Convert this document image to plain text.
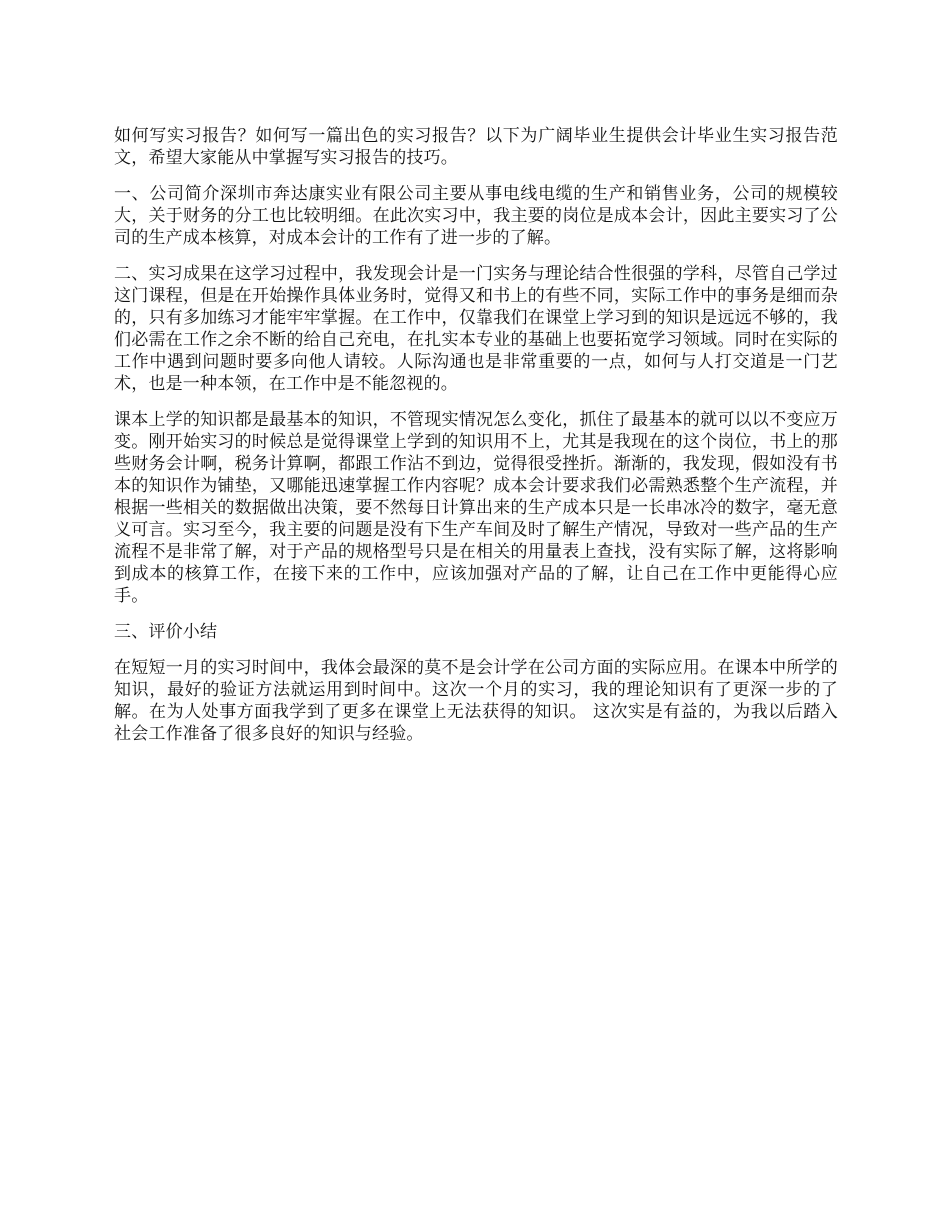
如何写实习报告？如何写一篇出色的实习报告？以下为广阔毕业生提供会计毕业生实习报告范文，希望大家能从中掌握写实习报告的技巧。

一、公司简介深圳市奔达康实业有限公司主要从事电线电缆的生产和销售业务，公司的规模较大，关于财务的分工也比较明细。在此次实习中，我主要的岗位是成本会计，因此主要实习了公司的生产成本核算，对成本会计的工作有了进一步的了解。

二、实习成果在这学习过程中，我发现会计是一门实务与理论结合性很强的学科，尽管自己学过这门课程，但是在开始操作具体业务时，觉得又和书上的有些不同，实际工作中的事务是细而杂的，只有多加练习才能牢牢掌握。在工作中，仅靠我们在课堂上学习到的知识是远远不够的，我们必需在工作之余不断的给自己充电，在扎实本专业的基础上也要拓宽学习领域。同时在实际的工作中遇到问题时要多向他人请较。人际沟通也是非常重要的一点，如何与人打交道是一门艺术，也是一种本领，在工作中是不能忽视的。

课本上学的知识都是最基本的知识，不管现实情况怎么变化，抓住了最基本的就可以以不变应万变。刚开始实习的时候总是觉得课堂上学到的知识用不上，尤其是我现在的这个岗位，书上的那些财务会计啊，税务计算啊，都跟工作沾不到边，觉得很受挫折。渐渐的，我发现，假如没有书本的知识作为铺垫，又哪能迅速掌握工作内容呢？成本会计要求我们必需熟悉整个生产流程，并根据一些相关的数据做出决策，要不然每日计算出来的生产成本只是一长串冰冷的数字，毫无意义可言。实习至今，我主要的问题是没有下生产车间及时了解生产情况，导致对一些产品的生产流程不是非常了解，对于产品的规格型号只是在相关的用量表上查找，没有实际了解，这将影响到成本的核算工作，在接下来的工作中，应该加强对产品的了解，让自己在工作中更能得心应手。

三、评价小结

在短短一月的实习时间中，我体会最深的莫不是会计学在公司方面的实际应用。在课本中所学的知识，最好的验证方法就运用到时间中。这次一个月的实习，我的理论知识有了更深一步的了解。在为人处事方面我学到了更多在课堂上无法获得的知识。 这次实是有益的，为我以后踏入社会工作准备了很多良好的知识与经验。
